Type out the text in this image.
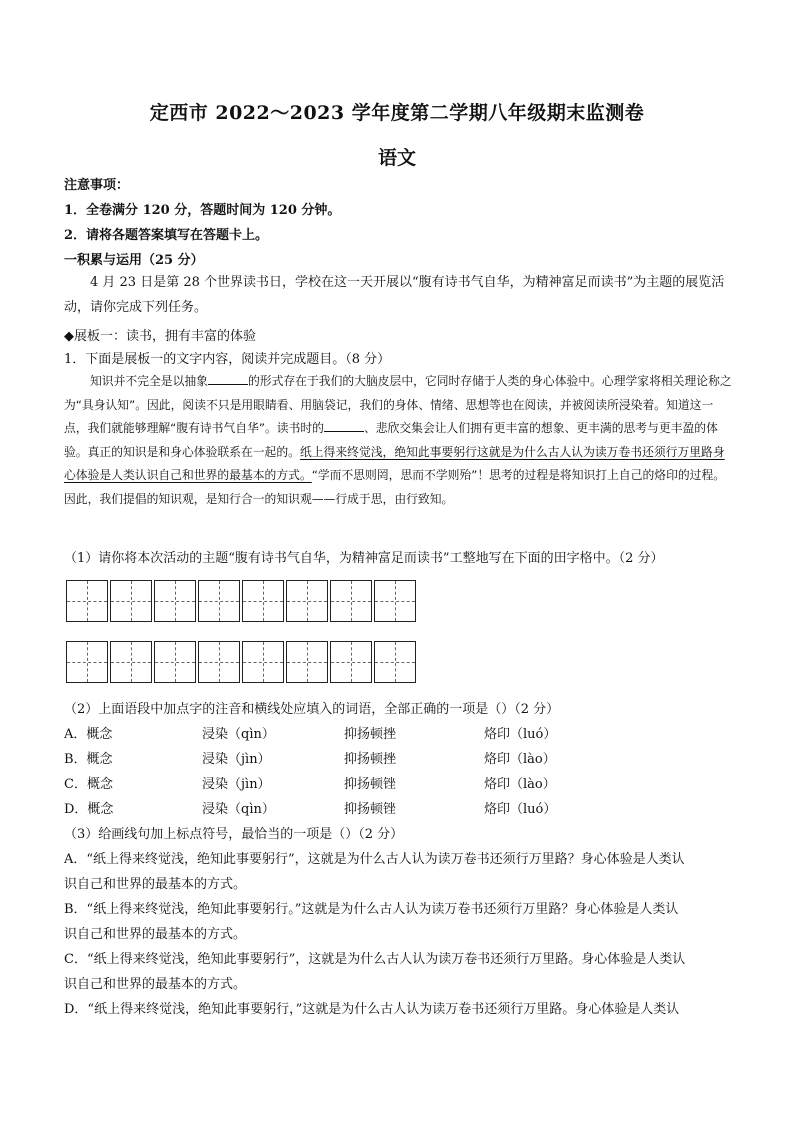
定西市 2022～2023 学年度第二学期八年级期末监测卷
语文
注意事项：
1．全卷满分 120 分，答题时间为 120 分钟。
2．请将各题答案填写在答题卡上。
一积累与运用（25 分）
4 月 23 日是第 28 个世界读书日，学校在这一天开展以“腹有诗书气自华，为精神富足而读书”为主题的展览活动，请你完成下列任务。
◆展板一：读书，拥有丰富的体验
1．下面是展板一的文字内容，阅读并完成题目。（8 分）
知识并不完全是以抽象	的形式存在于我们的大脑皮层中，它同时存储于人类的身心体验中。心理学家将相关理论称之为“具身认知”。因此，阅读不只是用眼睛看、用脑袋记，我们的身体、情绪、思想等也在阅读，并被阅读所浸染着。知道这一点，我们就能够理解“腹有诗书气自华”。读书时的	、悲欣交集会让人们拥有更丰富的想象、更丰满的思考与更丰盈的体验。真正的知识是和身心体验联系在一起的。纸上得来终觉浅，绝知此事要躬行这就是为什么古人认为读万卷书还须行万里路身心体验是人类认识自己和世界的最基本的方式。“学而不思则罔，思而不学则殆”！思考的过程是将知识打上自己的烙印的过程。因此，我们提倡的知识观，是知行合一的知识观——行成于思，由行致知。
（1）请你将本次活动的主题“腹有诗书气自华，为精神富足而读书”工整地写在下面的田字格中。（2 分）
（2）上面语段中加点字的注音和横线处应填入的词语，全部正确的一项是（）（2 分）
A．概念	浸染（qìn）	抑扬顿挫	烙印（luó）
B．概念	浸染（jìn）	抑扬顿挫	烙印（lào）
C．概念	浸染（jìn）	抑扬顿锉	烙印（lào）
D．概念	浸染（qìn）	抑扬顿锉	烙印（luó）
（3）给画线句加上标点符号，最恰当的一项是（）（2 分）
A．“纸上得来终觉浅，绝知此事要躬行”，这就是为什么古人认为读万卷书还须行万里路？身心体验是人类认
识自己和世界的最基本的方式。
B．“纸上得来终觉浅，绝知此事要躬行。”这就是为什么古人认为读万卷书还须行万里路？身心体验是人类认
识自己和世界的最基本的方式。
C．“纸上得来终觉浅，绝知此事要躬行”，这就是为什么古人认为读万卷书还须行万里路。身心体验是人类认
识自己和世界的最基本的方式。
D．“纸上得来终觉浅，绝知此事要躬行，”这就是为什么古人认为读万卷书还须行万里路。身心体验是人类认
